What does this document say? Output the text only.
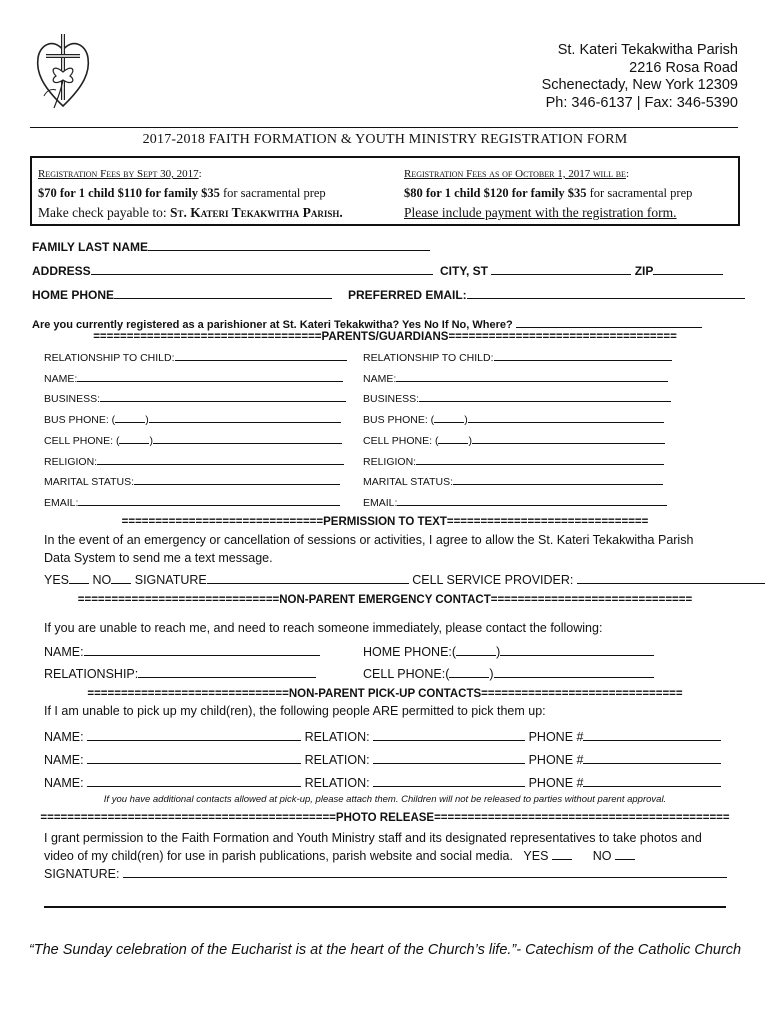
St. Kateri Tekakwitha Parish
2216 Rosa Road
Schenectady, New York 12309
Ph: 346-6137 | Fax: 346-5390
2017-2018 FAITH FORMATION & YOUTH MINISTRY REGISTRATION FORM
Registration Fees by Sept 30, 2017:
$70 for 1 child $110 for family $35 for sacramental prep
Make check payable to: St. Kateri Tekakwitha Parish.
Registration Fees as of October 1, 2017 will be:
$80 for 1 child $120 for family $35 for sacramental prep
Please include payment with the registration form.
FAMILY LAST NAME
ADDRESS	CITY, ST	ZIP
HOME PHONE	PREFERRED EMAIL:
Are you currently registered as a parishioner at St. Kateri Tekakwitha? Yes No If No, Where?
==================================PARENTS/GUARDIANS==================================
RELATIONSHIP TO CHILD:
NAME:
BUSINESS:
BUS PHONE: (	)
CELL PHONE: (	)
RELIGION:
MARITAL STATUS:
EMAIL:
RELATIONSHIP TO CHILD:
NAME:
BUSINESS:
BUS PHONE: (	)
CELL PHONE: (	)
RELIGION:
MARITAL STATUS:
EMAIL:
==============================PERMISSION TO TEXT==============================
In the event of an emergency or cancellation of sessions or activities, I agree to allow the St. Kateri Tekakwitha Parish
Data System to send me a text message.
YES NO SIGNATURE	CELL SERVICE PROVIDER:
==============================NON-PARENT EMERGENCY CONTACT==============================
If you are unable to reach me, and need to reach someone immediately, please contact the following:
NAME:	HOME PHONE:(	)
RELATIONSHIP:	CELL PHONE:(	)
==============================NON-PARENT PICK-UP CONTACTS==============================
If I am unable to pick up my child(ren), the following people ARE permitted to pick them up:
NAME:	RELATION:	PHONE #
NAME:	RELATION:	PHONE #
NAME:	RELATION:	PHONE #
If you have additional contacts allowed at pick-up, please attach them. Children will not be released to parties without parent approval.
============================================PHOTO RELEASE============================================
I grant permission to the Faith Formation and Youth Ministry staff and its designated representatives to take photos and
video of my child(ren) for use in parish publications, parish website and social media. YES	NO
SIGNATURE:
“The Sunday celebration of the Eucharist is at the heart of the Church’s life.”- Catechism of the Catholic Church
